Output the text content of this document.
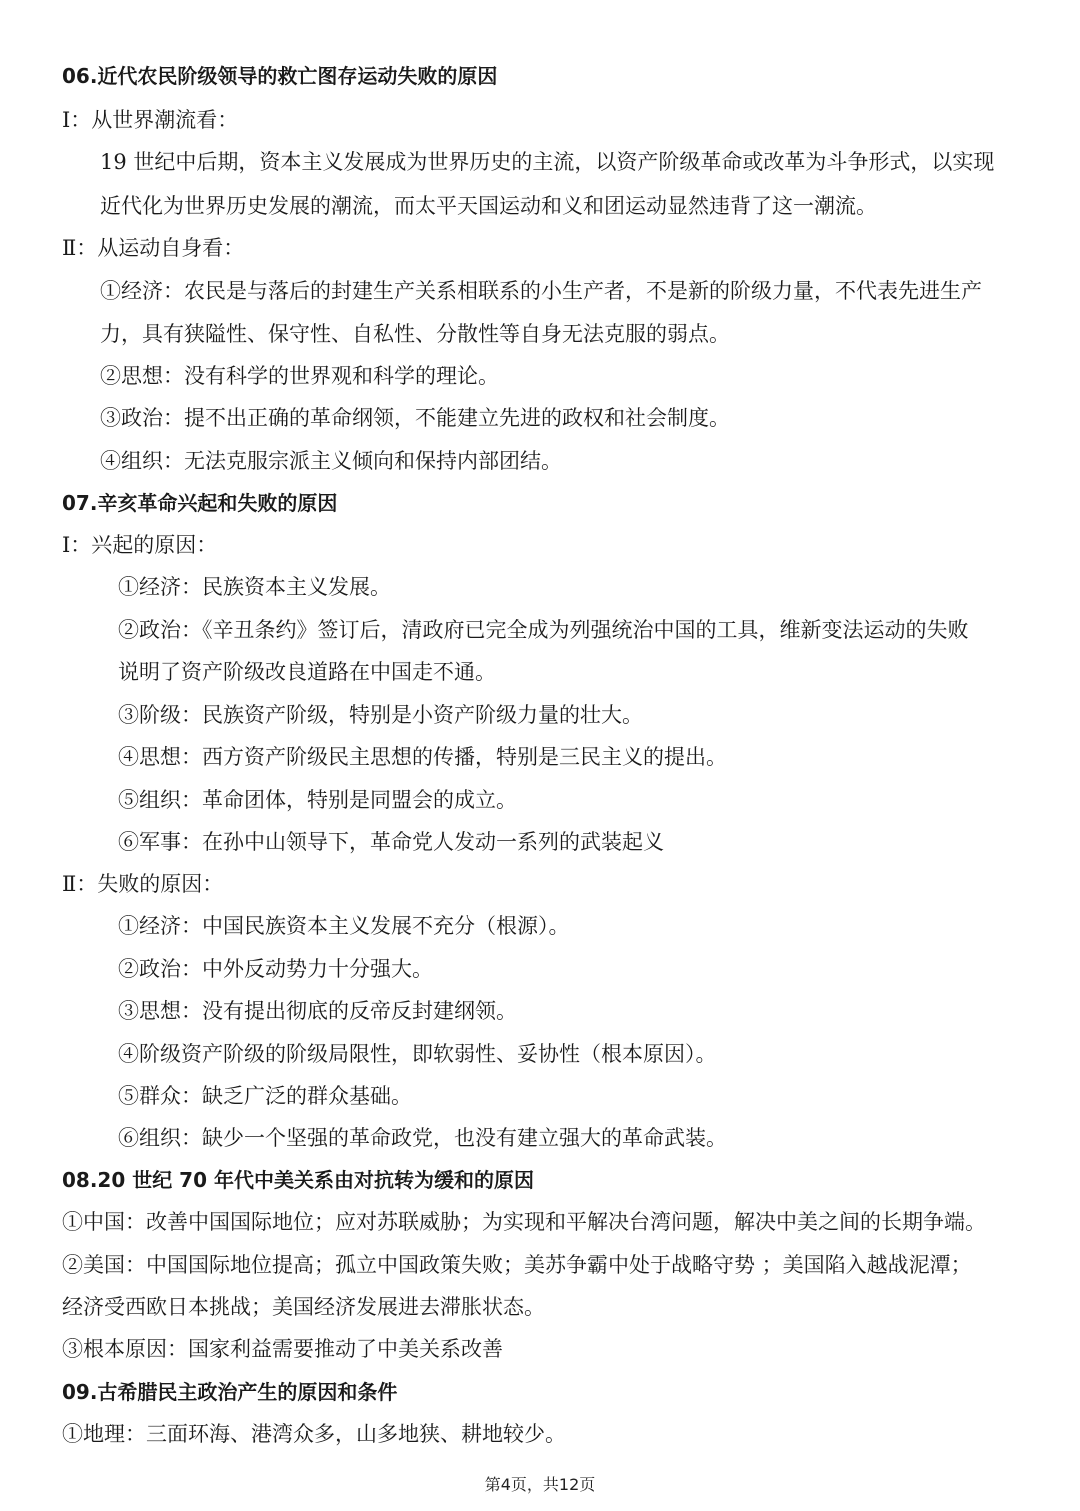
06.近代农民阶级领导的救亡图存运动失败的原因
Ⅰ：从世界潮流看：
19 世纪中后期，资本主义发展成为世界历史的主流，以资产阶级革命或改革为斗争形式，以实现
近代化为世界历史发展的潮流，而太平天国运动和义和团运动显然违背了这一潮流。
Ⅱ：从运动自身看：
①经济：农民是与落后的封建生产关系相联系的小生产者，不是新的阶级力量，不代表先进生产
力，具有狭隘性、保守性、自私性、分散性等自身无法克服的弱点。
②思想：没有科学的世界观和科学的理论。
③政治：提不出正确的革命纲领，不能建立先进的政权和社会制度。
④组织：无法克服宗派主义倾向和保持内部团结。
07.辛亥革命兴起和失败的原因
Ⅰ：兴起的原因：
①经济：民族资本主义发展。
②政治：《辛丑条约》签订后，清政府已完全成为列强统治中国的工具，维新变法运动的失败
说明了资产阶级改良道路在中国走不通。
③阶级：民族资产阶级，特别是小资产阶级力量的壮大。
④思想：西方资产阶级民主思想的传播，特别是三民主义的提出。
⑤组织：革命团体，特别是同盟会的成立。
⑥军事：在孙中山领导下，革命党人发动一系列的武装起义
Ⅱ：失败的原因：
①经济：中国民族资本主义发展不充分（根源）。
②政治：中外反动势力十分强大。
③思想：没有提出彻底的反帝反封建纲领。
④阶级资产阶级的阶级局限性，即软弱性、妥协性（根本原因）。
⑤群众：缺乏广泛的群众基础。
⑥组织：缺少一个坚强的革命政党，也没有建立强大的革命武装。
08.20 世纪 70 年代中美关系由对抗转为缓和的原因
①中国：改善中国国际地位；应对苏联威胁；为实现和平解决台湾问题，解决中美之间的长期争端。
②美国：中国国际地位提高；孤立中国政策失败；美苏争霸中处于战略守势 ；美国陷入越战泥潭；
经济受西欧日本挑战；美国经济发展进去滞胀状态。
③根本原因：国家利益需要推动了中美关系改善
09.古希腊民主政治产生的原因和条件
①地理：三面环海、港湾众多，山多地狭、耕地较少。
第4页，共12页
